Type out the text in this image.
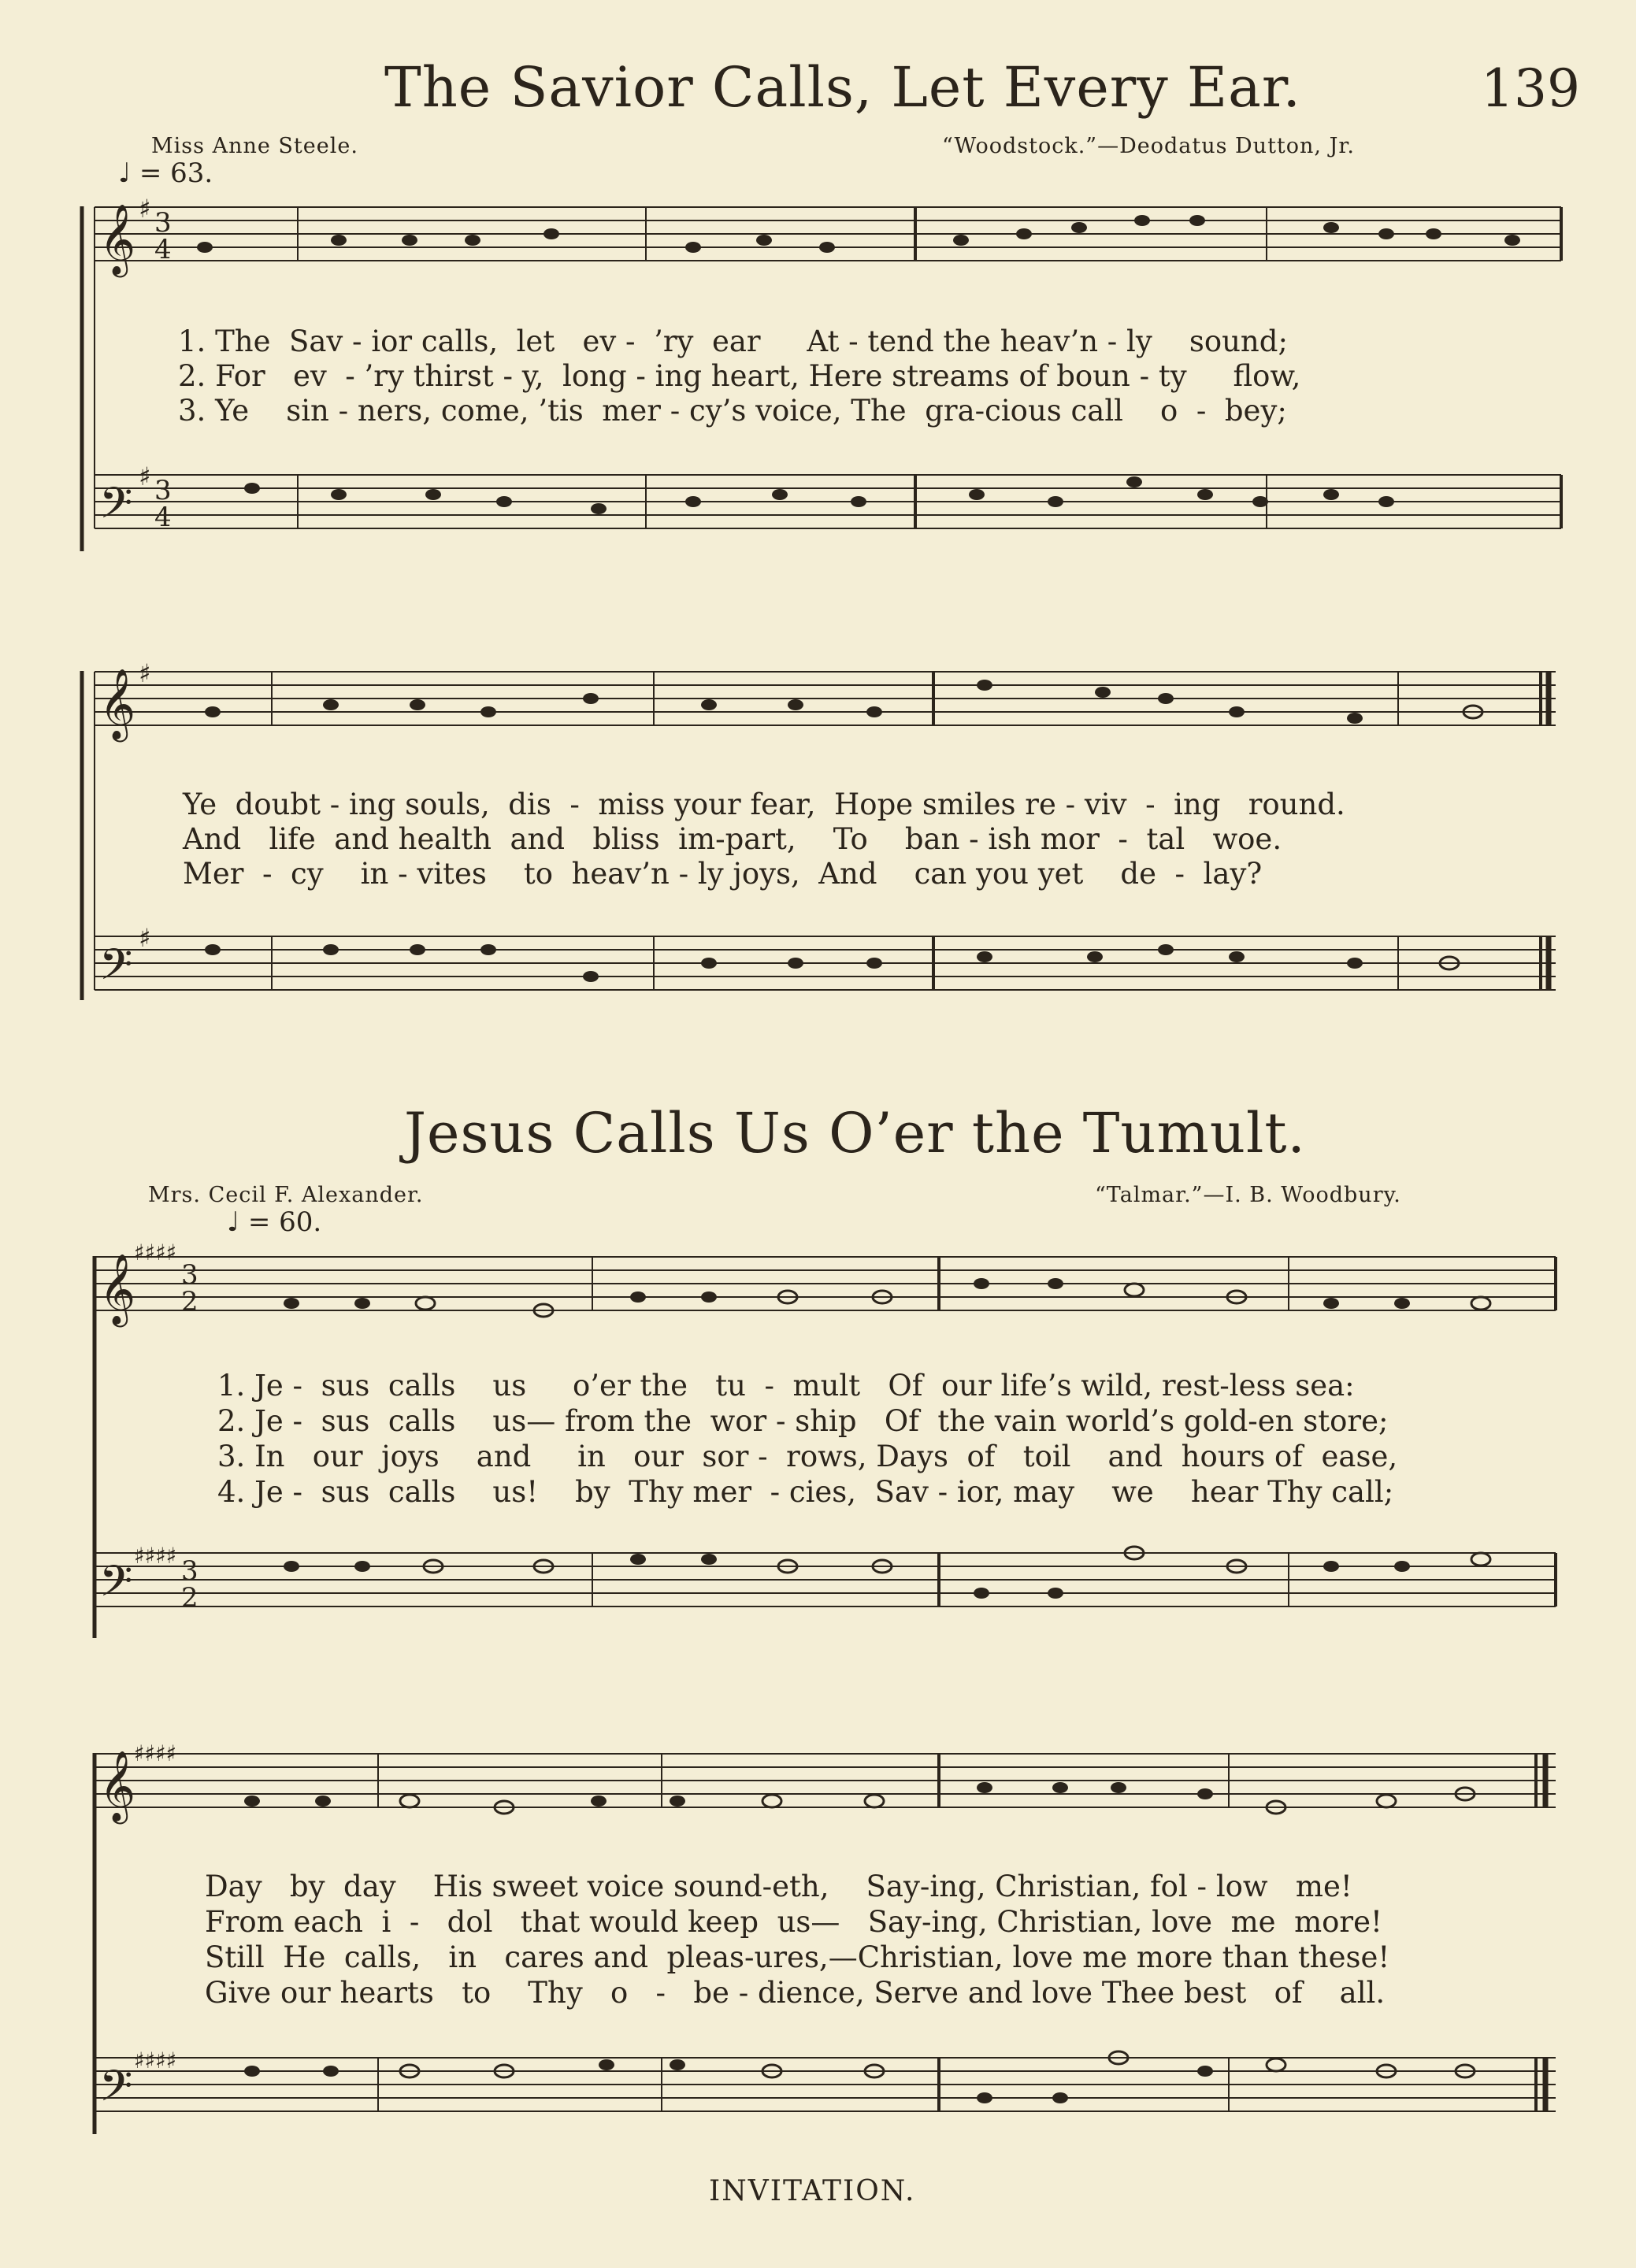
The Savior Calls, Let Every Ear.	139
Miss Anne Steele.	“Woodstock.”—Deodatus Dutton, Jr.
♩ = 63.
𝄞
𝄢
3
4
3
4
♯
♯
1. The  Sav - ior calls,  let   ev -  ’ry  ear     At - tend the heav’n - ly    sound;
2. For   ev  - ’ry thirst - y,  long - ing heart, Here streams of boun - ty     flow,
3. Ye    sin - ners, come, ’tis  mer - cy’s voice, The  gra-cious call    o  -  bey;
𝄞
𝄢
♯
♯
Ye  doubt - ing souls,  dis  -  miss your fear,  Hope smiles re - viv  -  ing   round.
And   life  and health  and   bliss  im-part,    To    ban - ish mor  -  tal   woe.
Mer  -  cy    in - vites    to  heav’n - ly joys,  And    can you yet    de  -  lay?
Jesus Calls Us O’er the Tumult.
Mrs. Cecil F. Alexander.	“Talmar.”—I. B. Woodbury.
♩ = 60.
𝄞
𝄢
3
2
3
2
♯♯♯♯
♯♯♯♯
1. Je -  sus  calls    us     o’er the   tu  -  mult   Of  our life’s wild, rest-less sea:
2. Je -  sus  calls    us— from the  wor - ship   Of  the vain world’s gold-en store;
3. In   our  joys    and     in   our  sor -  rows, Days  of   toil    and  hours of  ease,
4. Je -  sus  calls    us!    by  Thy mer  - cies,  Sav - ior, may    we    hear Thy call;
𝄞
𝄢
♯♯♯♯
♯♯♯♯
Day   by  day    His sweet voice sound-eth,    Say-ing, Christian, fol - low   me!
From each  i  -   dol   that would keep  us—   Say-ing, Christian, love  me  more!
Still  He  calls,   in   cares and  pleas-ures,—Christian, love me more than these!
Give our hearts   to    Thy   o   -   be - dience, Serve and love Thee best   of    all.
INVITATION.
